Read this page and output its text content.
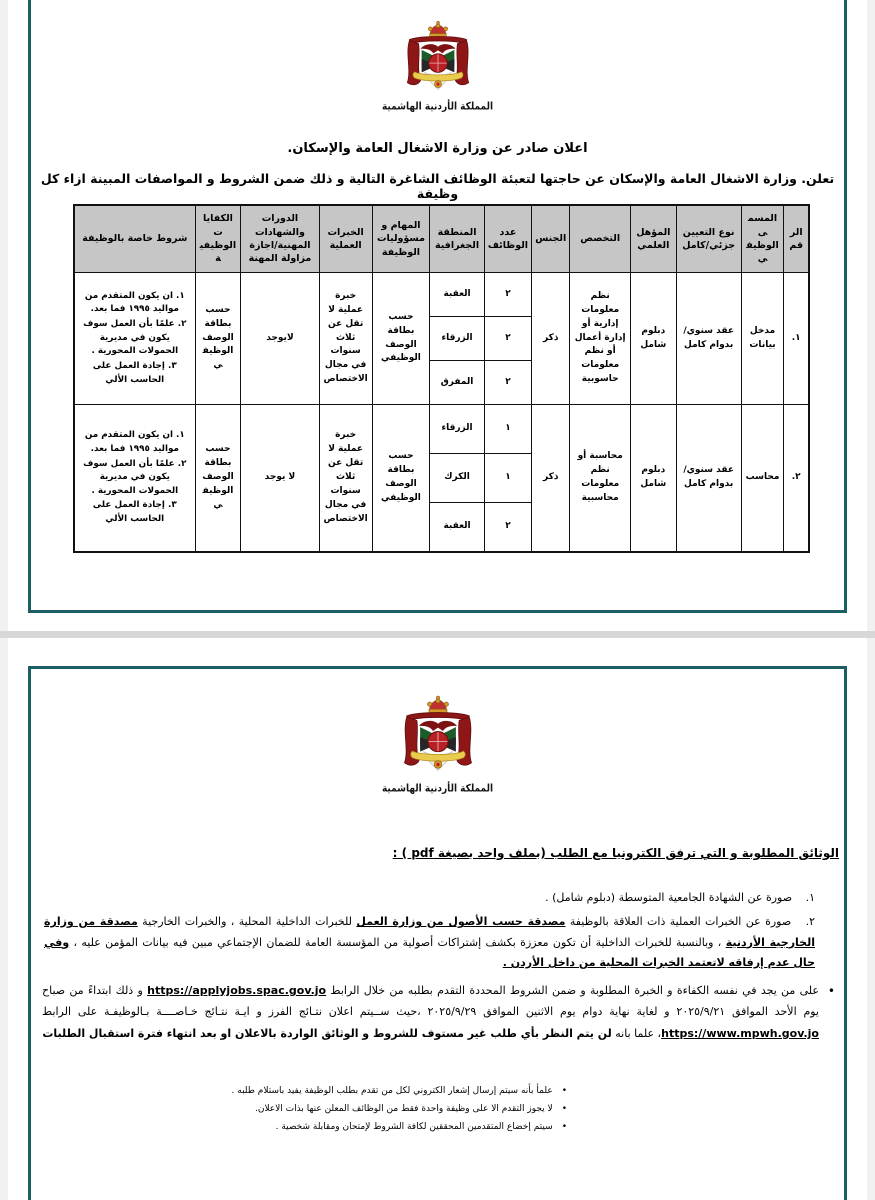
المملكة الأردنية الهاشمية
اعلان صادر عن وزارة الاشغال العامة والإسكان.
تعلن. وزارة الاشغال العامة والإسكان عن حاجتها لتعبئة الوظائف الشاغرة التالية و ذلك ضمن الشروط و المواصفات المبينة ازاء كل وظيفة
الرقم	المسمى الوظيفي	نوع التعيين جزئي/كامل	المؤهل العلمي	التخصص	الجنس	عدد الوظائف	المنطقة الجغرافية	المهام و مسؤوليات الوظيفة	الخبرات العملية	الدورات والشهادات المهنية/اجازة مزاولة المهنة	الكفايات الوظيفية	شروط خاصة بالوظيفة
١.	مدخل بيانات	عقد سنوي/بدوام كامل	دبلوم شامل	نظم معلومات إدارية أو إدارة أعمال أو نظم معلومات حاسوبية	ذكر	٢	العقبة	حسب بطاقة الوصف الوظيفي	خبرة عملية لا تقل عن ثلاث سنوات في مجال الاختصاص	لايوجد	حسب بطاقة الوصف الوظيفي	١. ان يكون المتقدم من مواليد ١٩٩٥ فما بعد.
٢. علمًا بأن العمل سوف يكون في مديرية الحمولات المحورية .
٣. إجادة العمل على الحاسب الألي

						٢	الزرقاء					
						٢	المفرق					
٢.	محاسب	عقد سنوي/بدوام كامل	دبلوم شامل	محاسبة أو نظم معلومات محاسبية	ذكر	١	الزرقاء	حسب بطاقة الوصف الوظيفي	خبرة عملية لا تقل عن ثلاث سنوات في مجال الاختصاص	لا يوجد	حسب بطاقة الوصف الوظيفي	١. ان يكون المتقدم من مواليد ١٩٩٥ فما بعد.
٢. علمًا بأن العمل سوف يكون في مديرية الحمولات المحورية .
٣. إجادة العمل على الحاسب الألي

						١	الكرك					
						٢	العقبة					
المملكة الأردنية الهاشمية
الوثائق المطلوبة و التي ترفق الكترونيا مع الطلب (بملف واحد بصيغة pdf ) :
١. صورة عن الشهادة الجامعية المتوسطة (دبلوم شامل) .
٢. صورة عن الخبرات العملية ذات العلاقة بالوظيفة مصدقة حسب الأصول من وزارة العمل للخبرات الداخلية المحلية ، والخبرات الخارجية مصدقة من وزارة الخارجية الأردنية ، وبالنسبة للخبرات الداخلية أن تكون معززة بكشف إشتراكات أصولية من المؤسسة العامة للضمان الإجتماعي مبين فيه بيانات المؤمن عليه ، وفي حال عدم إرفاقه لاتعتمد الخبرات المحلية من داخل الأردن .
•
على من يجد في نفسه الكفاءة و الخبرة المطلوبة و ضمن الشروط المحددة التقدم بطلبه من خلال الرابط https://applyjobs.spac.gov.jo و ذلك ابتداءً من صباح يوم الأحد الموافق ٢٠٢٥/٩/٢١ و لغاية نهاية دوام يوم الاثنين الموافق ٢٠٢٥/٩/٢٩ ،حيث ســيتم اعلان نتـائج الفرز و ايـة نتـائج خـاصــــة بـالوظيفـة على الرابط https://www.mpwh.gov.jo، علما بانه لن يتم النظر بأي طلب غير مستوف للشروط و الوثائق الواردة بالاعلان او بعد انتهاء فترة استقبال الطلبات
•
علمأ بأنه سيتم إرسال إشعار الكتروني لكل من تقدم بطلب الوظيفة يفيد باستلام طلبه .
•
لا يجوز التقدم الا على وظيفة واحدة فقط من الوظائف المعلن عنها بذات الاعلان.
•
سيتم إخضاع المتقدمين المحققين لكافة الشروط لإمتحان ومقابلة شخصية .
